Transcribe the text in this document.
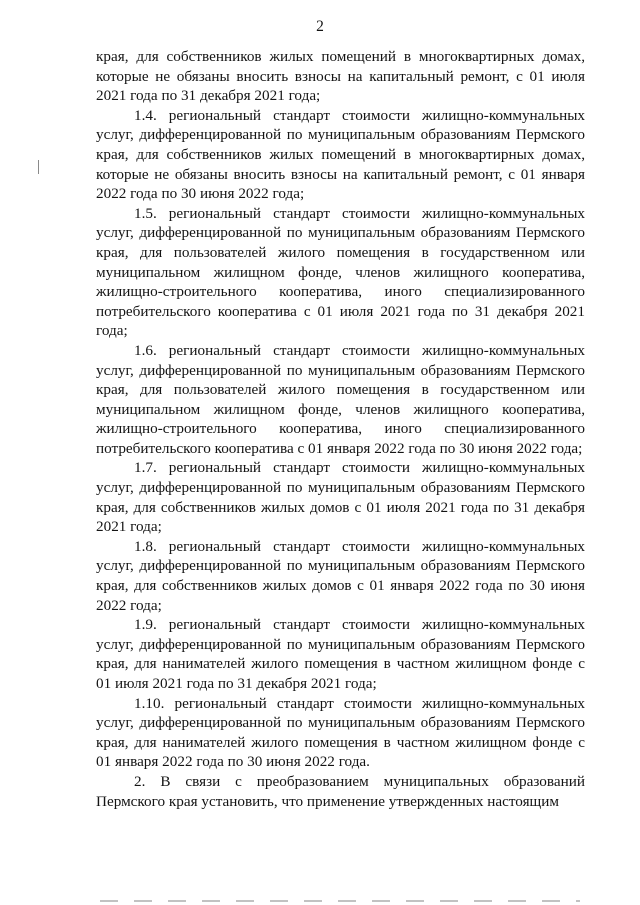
2

края, для собственников жилых помещений в многоквартирных домах, которые не обязаны вносить взносы на капитальный ремонт, с 01 июля 2021 года по 31 декабря 2021 года;

1.4. региональный стандарт стоимости жилищно-коммунальных услуг, дифференцированной по муниципальным образованиям Пермского края, для собственников жилых помещений в многоквартирных домах, которые не обязаны вносить взносы на капитальный ремонт, с 01 января 2022 года по 30 июня 2022 года;

1.5. региональный стандарт стоимости жилищно-коммунальных услуг, дифференцированной по муниципальным образованиям Пермского края, для пользователей жилого помещения в государственном или муниципальном жилищном фонде, членов жилищного кооператива, жилищно-строительного кооператива, иного специализированного потребительского кооператива с 01 июля 2021 года по 31 декабря 2021 года;

1.6. региональный стандарт стоимости жилищно-коммунальных услуг, дифференцированной по муниципальным образованиям Пермского края, для пользователей жилого помещения в государственном или муниципальном жилищном фонде, членов жилищного кооператива, жилищно-строительного кооператива, иного специализированного потребительского кооператива с 01 января 2022 года по 30 июня 2022 года;

1.7. региональный стандарт стоимости жилищно-коммунальных услуг, дифференцированной по муниципальным образованиям Пермского края, для собственников жилых домов с 01 июля 2021 года по 31 декабря 2021 года;

1.8. региональный стандарт стоимости жилищно-коммунальных услуг, дифференцированной по муниципальным образованиям Пермского края, для собственников жилых домов с 01 января 2022 года по 30 июня 2022 года;

1.9. региональный стандарт стоимости жилищно-коммунальных услуг, дифференцированной по муниципальным образованиям Пермского края, для нанимателей жилого помещения в частном жилищном фонде с 01 июля 2021 года по 31 декабря 2021 года;

1.10. региональный стандарт стоимости жилищно-коммунальных услуг, дифференцированной по муниципальным образованиям Пермского края, для нанимателей жилого помещения в частном жилищном фонде с 01 января 2022 года по 30 июня 2022 года.

2. В связи с преобразованием муниципальных образований Пермского края установить, что применение утвержденных настоящим
